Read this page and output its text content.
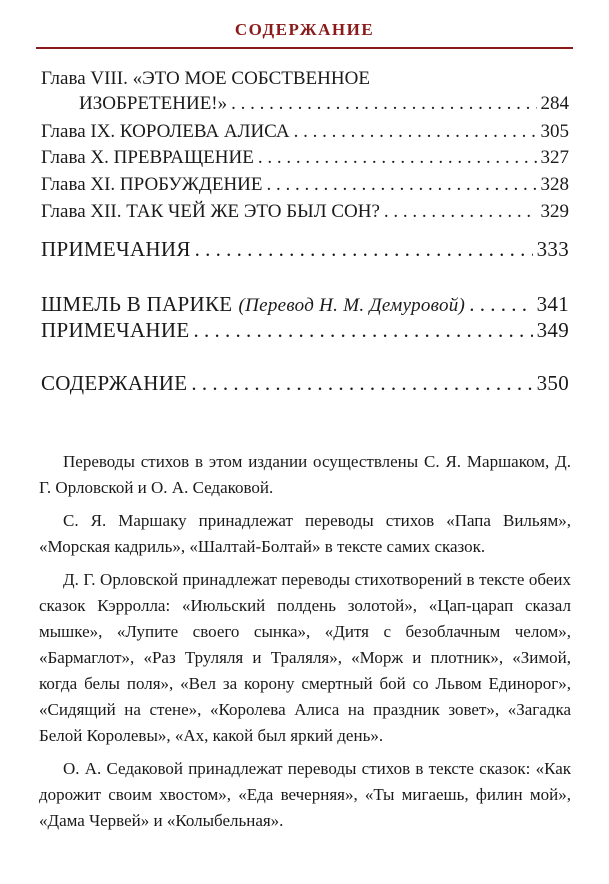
СОДЕРЖАНИЕ
Глава VIII. «ЭТО МОЕ СОБСТВЕННОЕ
ИЗОБРЕТЕНИЕ!» . . .	284
Глава IX. КОРОЛЕВА АЛИСА . . .	305
Глава X. ПРЕВРАЩЕНИЕ . . .	327
Глава XI. ПРОБУЖДЕНИЕ . . .	328
Глава XII. ТАК ЧЕЙ ЖЕ ЭТО БЫЛ СОН? . . .	329
ПРИМЕЧАНИЯ . . .	333
ШМЕЛЬ В ПАРИКЕ (Перевод Н. М. Демуровой) . . .	341
ПРИМЕЧАНИЕ . . .	349
СОДЕРЖАНИЕ . . .	350

Переводы стихов в этом издании осуществлены С. Я. Маршаком, Д. Г. Орловской и О. А. Седаковой.

С. Я. Маршаку принадлежат переводы стихов «Папа Вильям», «Морская кадриль», «Шалтай-Болтай» в тексте самих сказок.

Д. Г. Орловской принадлежат переводы стихотворений в тексте обеих сказок Кэрролла: «Июльский полдень золотой», «Цап-царап сказал мышке», «Лупите своего сынка», «Дитя с безоблачным челом», «Бармаглот», «Раз Труляля и Траляля», «Морж и плотник», «Зимой, когда белы поля», «Вел за корону смертный бой со Львом Единорог», «Сидящий на стене», «Королева Алиса на праздник зовет», «Загадка Белой Королевы», «Ах, какой был яркий день».

О. А. Седаковой принадлежат переводы стихов в тексте сказок: «Как дорожит своим хвостом», «Еда вечерняя», «Ты мигаешь, филин мой», «Дама Червей» и «Колыбельная».
